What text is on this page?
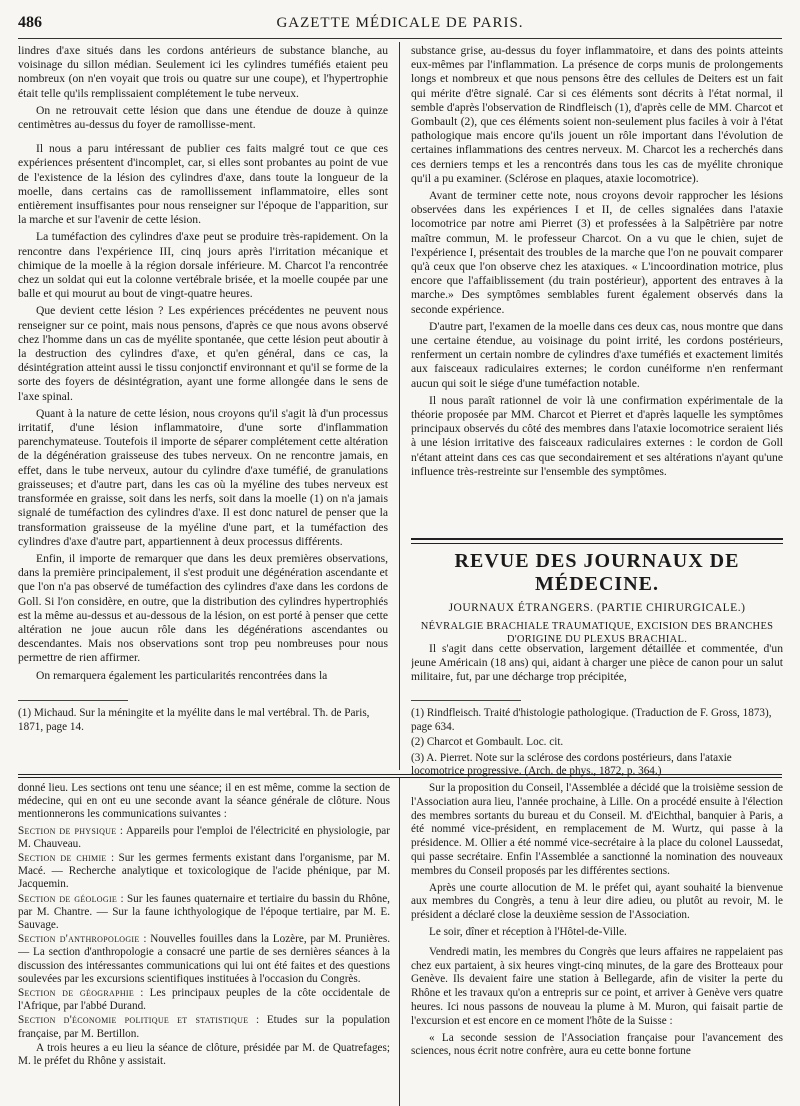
486	GAZETTE MÉDICALE DE PARIS.

lindres d'axe situés dans les cordons antérieurs de substance blanche, au voisinage du sillon médian. Seulement ici les cylindres tuméfiés etaient peu nombreux (on n'en voyait que trois ou quatre sur une coupe), et l'hypertrophie était telle qu'ils remplissaient complétement le tube nerveux.

On ne retrouvait cette lésion que dans une étendue de douze à quinze centimètres au-dessus du foyer de ramollisse-ment.

Il nous a paru intéressant de publier ces faits malgré tout ce que ces expériences présentent d'incomplet, car, si elles sont probantes au point de vue de l'existence de la lésion des cylindres d'axe, dans toute la longueur de la moelle, dans certains cas de ramollissement inflammatoire, elles sont entièrement insuffisantes pour nous renseigner sur l'époque de l'apparition, sur la marche et sur l'avenir de cette lésion.

La tuméfaction des cylindres d'axe peut se produire très-rapidement. On la rencontre dans l'expérience III, cinq jours après l'irritation mécanique et chimique de la moelle à la région dorsale inférieure. M. Charcot l'a rencontrée chez un soldat qui eut la colonne vertébrale brisée, et la moelle coupée par une balle et qui mourut au bout de vingt-quatre heures.

Que devient cette lésion ? Les expériences précédentes ne peuvent nous renseigner sur ce point, mais nous pensons, d'après ce que nous avons observé chez l'homme dans un cas de myélite spontanée, que cette lésion peut aboutir à la destruction des cylindres d'axe, et qu'en général, dans ce cas, la désintégration atteint aussi le tissu conjonctif environnant et qu'il se forme de la sorte des foyers de désintégration, ayant une forme allongée dans le sens de l'axe spinal.

Quant à la nature de cette lésion, nous croyons qu'il s'agit là d'un processus irritatif, d'une lésion inflammatoire, d'une sorte d'inflammation parenchymateuse. Toutefois il importe de séparer complétement cette altération de la dégénération graisseuse des tubes nerveux. On ne rencontre jamais, en effet, dans le tube nerveux, autour du cylindre d'axe tuméfié, de granulations graisseuses; et d'autre part, dans les cas où la myéline des tubes nerveux est transformée en graisse, soit dans les nerfs, soit dans la moelle (1) on n'a jamais signalé de tuméfaction des cylindres d'axe. Il est donc naturel de penser que la transformation graisseuse de la myéline d'une part, et la tuméfaction des cylindres d'axe d'autre part, appartiennent à deux processus différents.

Enfin, il importe de remarquer que dans les deux premières observations, dans la première principalement, il s'est produit une dégénération ascendante et que l'on n'a pas observé de tuméfaction des cylindres d'axe dans les cordons de Goll. Si l'on considère, en outre, que la distribution des cylindres hypertrophiés est la même au-dessus et au-dessous de la lésion, on est porté à penser que cette altération ne joue aucun rôle dans les dégénérations ascendantes ou descendantes. Mais nos observations sont trop peu nombreuses pour nous permettre de rien affirmer.

On remarquera également les particularités rencontrées dans la

substance grise, au-dessus du foyer inflammatoire, et dans des points atteints eux-mêmes par l'inflammation. La présence de corps munis de prolongements longs et nombreux et que nous pensons être des cellules de Deiters est un fait qui mérite d'être signalé. Car si ces éléments sont décrits à l'état normal, il semble d'après l'observation de Rindfleisch (1), d'après celle de MM. Charcot et Gombault (2), que ces éléments soient non-seulement plus faciles à voir à l'état pathologique mais encore qu'ils jouent un rôle important dans l'évolution de certaines inflammations des centres nerveux. M. Charcot les a recherchés dans ces derniers temps et les a rencontrés dans tous les cas de myélite chronique qu'il a pu examiner. (Sclérose en plaques, ataxie locomotrice).

Avant de terminer cette note, nous croyons devoir rapprocher les lésions observées dans les expériences I et II, de celles signalées dans l'ataxie locomotrice par notre ami Pierret (3) et professées à la Salpêtrière par notre maître commun, M. le professeur Charcot. On a vu que le chien, sujet de l'expérience I, présentait des troubles de la marche que l'on ne pouvait comparer qu'à ceux que l'on observe chez les ataxiques. « L'incoordination motrice, plus encore que l'affaiblissement (du train postérieur), apportent des entraves à la marche.» Des symptômes semblables furent également observés dans la seconde expérience.

D'autre part, l'examen de la moelle dans ces deux cas, nous montre que dans une certaine étendue, au voisinage du point irrité, les cordons postérieurs, renferment un certain nombre de cylindres d'axe tuméfiés et exactement limités aux faisceaux radiculaires externes; le cordon cunéiforme n'en renfermant aucun qui soit le siége d'une tuméfaction notable.

Il nous paraît rationnel de voir là une confirmation expérimentale de la théorie proposée par MM. Charcot et Pierret et d'après laquelle les symptômes principaux observés du côté des membres dans l'ataxie locomotrice seraient liés à une lésion irritative des faisceaux radiculaires externes : le cordon de Goll n'étant atteint dans ces cas que secondairement et ses altérations n'ayant qu'une influence très-restreinte sur l'ensemble des symptômes.

REVUE DES JOURNAUX DE MÉDECINE.
JOURNAUX ÉTRANGERS. (PARTIE CHIRURGICALE.)
NÉVRALGIE BRACHIALE TRAUMATIQUE, EXCISION DES BRANCHES D'ORIGINE DU PLEXUS BRACHIAL.

Il s'agit dans cette observation, largement détaillée et commentée, d'un jeune Américain (18 ans) qui, aidant à charger une pièce de canon pour un salut militaire, fut, par une décharge trop précipitée,

(1) Michaud. Sur la méningite et la myélite dans le mal vertébral. Th. de Paris, 1871, page 14.

(1) Rindfleisch. Traité d'histologie pathologique. (Traduction de F. Gross, 1873), page 634.

(2) Charcot et Gombault. Loc. cit.

(3) A. Pierret. Note sur la sclérose des cordons postérieurs, dans l'ataxie locomotrice progressive. (Arch. de phys., 1872, p. 364.)

donné lieu. Les sections ont tenu une séance; il en est même, comme la section de médecine, qui en ont eu une seconde avant la séance générale de clôture. Nous mentionnerons les communications suivantes :

Section de physique : Appareils pour l'emploi de l'électricité en physiologie, par M. Chauveau.

Section de chimie : Sur les germes ferments existant dans l'organisme, par M. Macé. — Recherche analytique et toxicologique de l'acide phénique, par M. Jacquemin.

Section de géologie : Sur les faunes quaternaire et tertiaire du bassin du Rhône, par M. Chantre. — Sur la faune ichthyologique de l'époque tertiaire, par M. E. Sauvage.

Section d'anthropologie : Nouvelles fouilles dans la Lozère, par M. Prunières. — La section d'anthropologie a consacré une partie de ses dernières séances à la discussion des intéressantes communications qui lui ont été faites et des questions soulevées par les excursions scientifiques instituées à l'occasion du Congrès.

Section de géographie : Les principaux peuples de la côte occidentale de l'Afrique, par l'abbé Durand.

Section d'économie politique et statistique : Etudes sur la population française, par M. Bertillon.

A trois heures a eu lieu la séance de clôture, présidée par M. de Quatrefages; M. le préfet du Rhône y assistait.

Sur la proposition du Conseil, l'Assemblée a décidé que la troisième session de l'Association aura lieu, l'année prochaine, à Lille. On a procédé ensuite à l'élection des membres sortants du bureau et du Conseil. M. d'Eichthal, banquier à Paris, a été nommé vice-président, en remplacement de M. Wurtz, qui passe à la présidence. M. Ollier a été nommé vice-secrétaire à la place du colonel Laussedat, qui passe secrétaire. Enfin l'Assemblée a sanctionné la nomination des nouveaux membres du Conseil proposés par les différentes sections.

Après une courte allocution de M. le préfet qui, ayant souhaité la bienvenue aux membres du Congrès, a tenu à leur dire adieu, ou plutôt au revoir, M. le président a déclaré close la deuxième session de l'Association.

Le soir, dîner et réception à l'Hôtel-de-Ville.

Vendredi matin, les membres du Congrès que leurs affaires ne rappelaient pas chez eux partaient, à six heures vingt-cinq minutes, de la gare des Brotteaux pour Genève. Ils devaient faire une station à Bellegarde, afin de visiter la perte du Rhône et les travaux qu'on a entrepris sur ce point, et arriver à Genève vers quatre heures. Ici nous passons de nouveau la plume à M. Muron, qui faisait partie de l'excursion et est encore en ce moment l'hôte de la Suisse :

« La seconde session de l'Association française pour l'avancement des sciences, nous écrit notre confrère, aura eu cette bonne fortune
